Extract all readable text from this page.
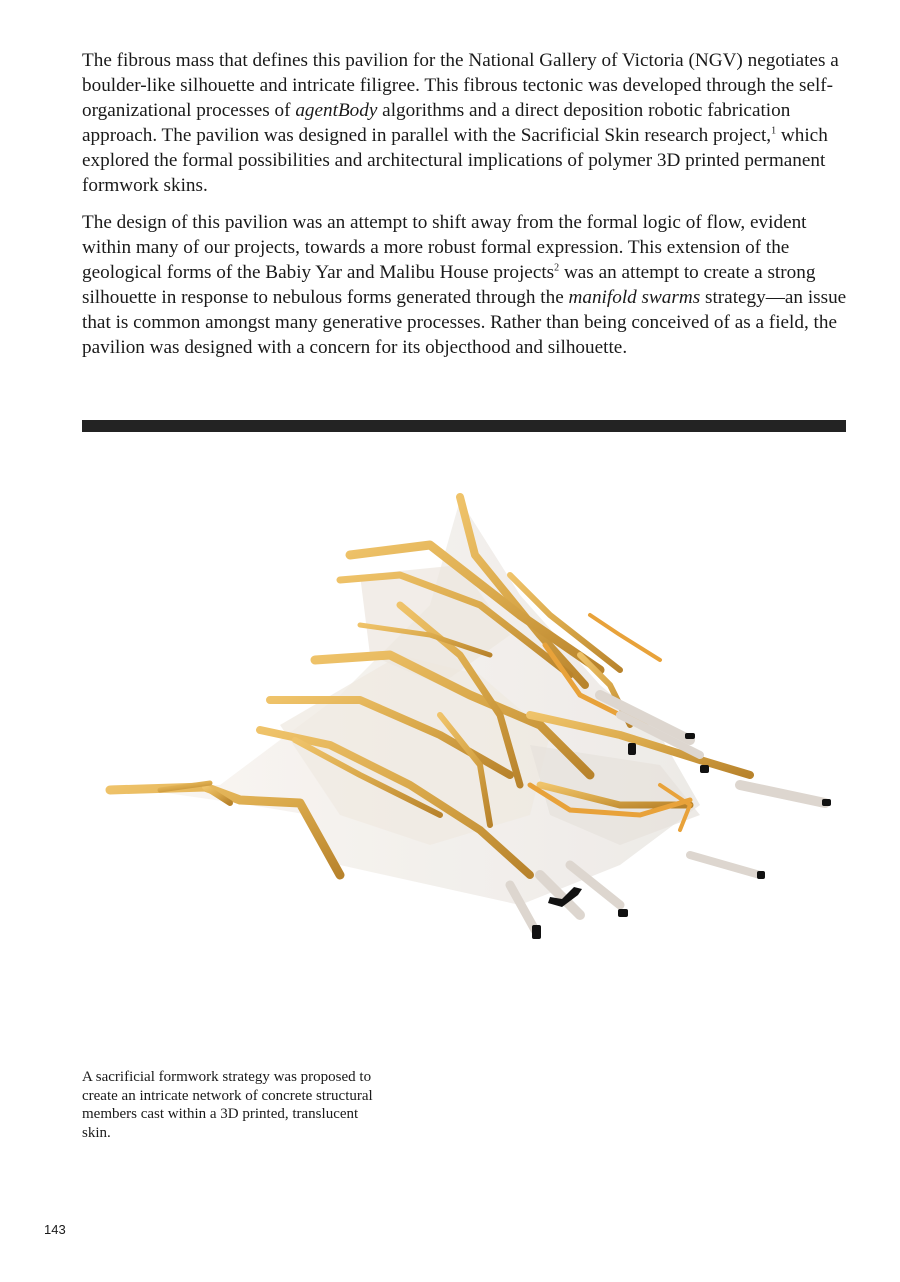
The fibrous mass that defines this pavilion for the National Gallery of Victoria (NGV) negotiates a boulder-like silhouette and intricate filigree. This fibrous tectonic was developed through the self-organizational processes of agentBody algorithms and a direct deposition robotic fabrication approach. The pavilion was designed in parallel with the Sacrificial Skin research project,$^1$ which explored the formal possibilities and architectural implications of polymer 3D printed permanent formwork skins.

The design of this pavilion was an attempt to shift away from the formal logic of flow, evident within many of our projects, towards a more robust formal expression. This extension of the geological forms of the Babiy Yar and Malibu House projects$^2$ was an attempt to create a strong silhouette in response to nebulous forms generated through the manifold swarms strategy—an issue that is common amongst many generative processes. Rather than being conceived of as a field, the pavilion was designed with a concern for its objecthood and silhouette.

A sacrificial formwork strategy was proposed to create an intricate network of concrete structural members cast within a 3D printed, translucent skin.
143
